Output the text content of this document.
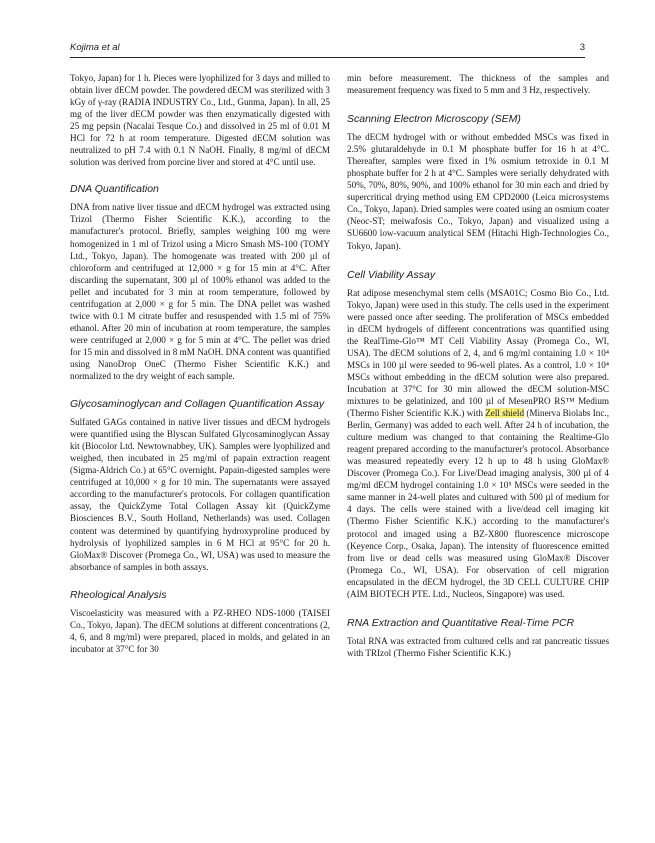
Kojima et al	3

Tokyo, Japan) for 1 h. Pieces were lyophilized for 3 days and milled to obtain liver dECM powder. The powdered dECM was sterilized with 3 kGy of γ-ray (RADIA INDUSTRY Co., Ltd., Gunma, Japan). In all, 25 mg of the liver dECM powder was then enzymatically digested with 25 mg pepsin (Nacalai Tesque Co.) and dissolved in 25 ml of 0.01 M HCl for 72 h at room temperature. Digested dECM solution was neutralized to pH 7.4 with 0.1 N NaOH. Finally, 8 mg/ml of dECM solution was derived from porcine liver and stored at 4°C until use.

DNA Quantification

DNA from native liver tissue and dECM hydrogel was extracted using Trizol (Thermo Fisher Scientific K.K.), according to the manufacturer's protocol. Briefly, samples weighing 100 mg were homogenized in 1 ml of Trizol using a Micro Smash MS-100 (TOMY Ltd., Tokyo, Japan). The homogenate was treated with 200 µl of chloroform and centrifuged at 12,000 × g for 15 min at 4°C. After discarding the supernatant, 300 µl of 100% ethanol was added to the pellet and incubated for 3 min at room temperature, followed by centrifugation at 2,000 × g for 5 min. The DNA pellet was washed twice with 0.1 M citrate buffer and resuspended with 1.5 ml of 75% ethanol. After 20 min of incubation at room temperature, the samples were centrifuged at 2,000 × g for 5 min at 4°C. The pellet was dried for 15 min and dissolved in 8 mM NaOH. DNA content was quantified using NanoDrop OneC (Thermo Fisher Scientific K.K.) and normalized to the dry weight of each sample.

Glycosaminoglycan and Collagen Quantification Assay

Sulfated GAGs contained in native liver tissues and dECM hydrogels were quantified using the Blyscan Sulfated Glycosaminoglycan Assay kit (Biocolor Ltd. Newtownabbey, UK). Samples were lyophilized and weighed, then incubated in 25 mg/ml of papain extraction reagent (Sigma-Aldrich Co.) at 65°C overnight. Papain-digested samples were centrifuged at 10,000 × g for 10 min. The supernatants were assayed according to the manufacturer's protocols. For collagen quantification assay, the QuickZyme Total Collagen Assay kit (QuickZyme Biosciences B.V., South Holland, Netherlands) was used. Collagen content was determined by quantifying hydroxyproline produced by hydrolysis of lyophilized samples in 6 M HCl at 95°C for 20 h. GloMax® Discover (Promega Co., WI, USA) was used to measure the absorbance of samples in both assays.

Rheological Analysis

Viscoelasticity was measured with a PZ-RHEO NDS-1000 (TAISEI Co., Tokyo, Japan). The dECM solutions at different concentrations (2, 4, 6, and 8 mg/ml) were prepared, placed in molds, and gelated in an incubator at 37°C for 30

min before measurement. The thickness of the samples and measurement frequency was fixed to 5 mm and 3 Hz, respectively.

Scanning Electron Microscopy (SEM)

The dECM hydrogel with or without embedded MSCs was fixed in 2.5% glutaraldehyde in 0.1 M phosphate buffer for 16 h at 4°C. Thereafter, samples were fixed in 1% osmium tetroxide in 0.1 M phosphate buffer for 2 h at 4°C. Samples were serially dehydrated with 50%, 70%, 80%, 90%, and 100% ethanol for 30 min each and dried by supercritical drying method using EM CPD2000 (Leica microsystems Co., Tokyo, Japan). Dried samples were coated using an osmium coater (Neoc-ST; meiwafosis Co., Tokyo, Japan) and visualized using a SU6600 low-vacuum analytical SEM (Hitachi High-Technologies Co., Tokyo, Japan).

Cell Viability Assay

Rat adipose mesenchymal stem cells (MSA01C; Cosmo Bio Co., Ltd. Tokyo, Japan) were used in this study. The cells used in the experiment were passed once after seeding. The proliferation of MSCs embedded in dECM hydrogels of different concentrations was quantified using the RealTime-Glo™ MT Cell Viability Assay (Promega Co., WI, USA). The dECM solutions of 2, 4, and 6 mg/ml containing 1.0 × 10⁴ MSCs in 100 µl were seeded to 96-well plates. As a control, 1.0 × 10⁴ MSCs without embedding in the dECM solution were also prepared. Incubation at 37°C for 30 min allowed the dECM solution-MSC mixtures to be gelatinized, and 100 µl of MesenPRO RS™ Medium (Thermo Fisher Scientific K.K.) with Zell shield (Minerva Biolabs Inc., Berlin, Germany) was added to each well. After 24 h of incubation, the culture medium was changed to that containing the Realtime-Glo reagent prepared according to the manufacturer's protocol. Absorbance was measured repeatedly every 12 h up to 48 h using GloMax® Discover (Promega Co.). For Live/Dead imaging analysis, 300 µl of 4 mg/ml dECM hydrogel containing 1.0 × 10⁵ MSCs were seeded in the same manner in 24-well plates and cultured with 500 µl of medium for 4 days. The cells were stained with a live/dead cell imaging kit (Thermo Fisher Scientific K.K.) according to the manufacturer's protocol and imaged using a BZ-X800 fluorescence microscope (Keyence Corp., Osaka, Japan). The intensity of fluorescence emitted from live or dead cells was measured using GloMax® Discover (Promega Co., WI, USA). For observation of cell migration encapsulated in the dECM hydrogel, the 3D CELL CULTURE CHIP (AIM BIOTECH PTE. Ltd., Nucleos, Singapore) was used.

RNA Extraction and Quantitative Real-Time PCR

Total RNA was extracted from cultured cells and rat pancreatic tissues with TRIzol (Thermo Fisher Scientific K.K.)
